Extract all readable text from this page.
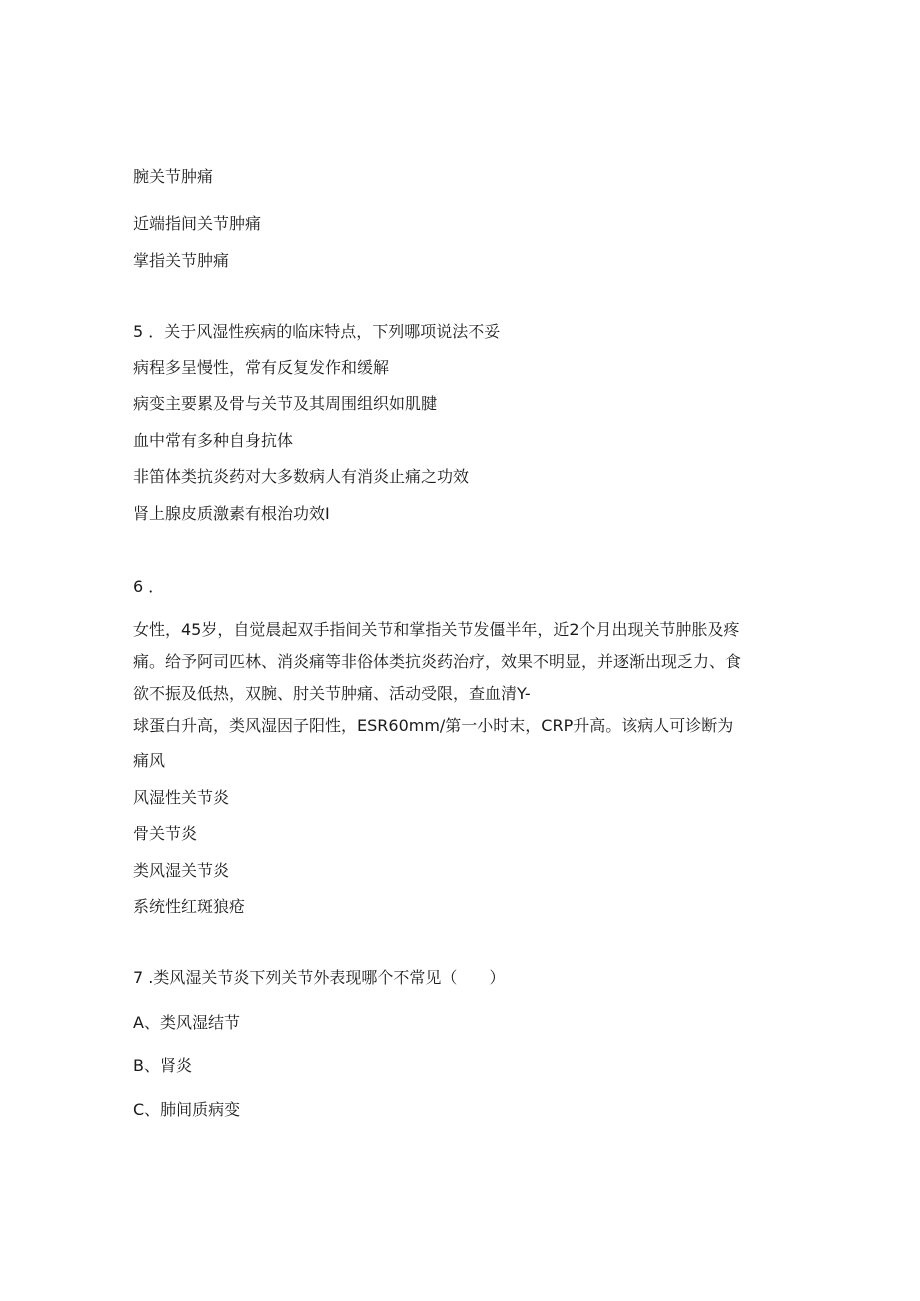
腕关节肿痛
近端指间关节肿痛
掌指关节肿痛
5 ．关于风湿性疾病的临床特点，下列哪项说法不妥
病程多呈慢性，常有反复发作和缓解
病变主要累及骨与关节及其周围组织如肌腱
血中常有多种自身抗体
非笛体类抗炎药对大多数病人有消炎止痛之功效
肾上腺皮质激素有根治功效I
6 ．
女性，45岁，自觉晨起双手指间关节和掌指关节发僵半年，近2个月出现关节肿胀及疼
痛。给予阿司匹林、消炎痛等非俗体类抗炎药治疗，效果不明显，并逐渐出现乏力、食
欲不振及低热，双腕、肘关节肿痛、活动受限，查血清Y-
球蛋白升高，类风湿因子阳性，ESR60mm/第一小时末，CRP升高。该病人可诊断为
痛风
风湿性关节炎
骨关节炎
类风湿关节炎
系统性红斑狼疮
7 .类风湿关节炎下列关节外表现哪个不常见（　　）
A、类风湿结节
B、肾炎
C、肺间质病变
